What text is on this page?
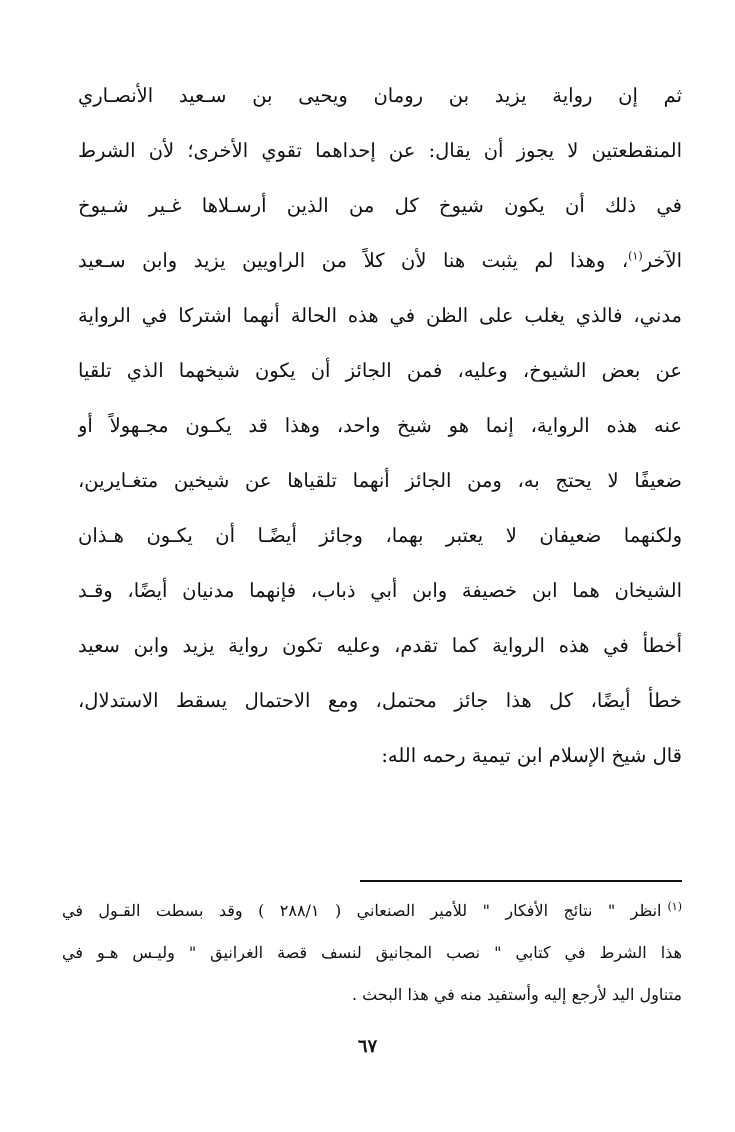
ثم إن رواية يزيد بن رومان ويحيى بن سـعيد الأنصـاري
المنقطعتين لا يجوز أن يقال: عن إحداهما تقوي الأخرى؛ لأن الشرط
في ذلك أن يكون شيوخ كل من الذين أرسـلاها غـير شـيوخ
الآخر$^{(١)}$، وهذا لم يثبت هنا لأن كلاً من الراويين يزيد وابن سـعيد
مدني، فالذي يغلب على الظن في هذه الحالة أنهما اشتركا في الرواية
عن بعض الشيوخ، وعليه، فمن الجائز أن يكون شيخهما الذي تلقيا
عنه هذه الرواية، إنما هو شيخ واحد، وهذا قد يكـون مجـهولاً أو
ضعيفًا لا يحتج به، ومن الجائز أنهما تلقياها عن شيخين متغـايرين،
ولكنهما ضعيفان لا يعتبر بهما، وجائز أيضًـا أن يكـون هـذان
الشيخان هما ابن خصيفة وابن أبي ذباب، فإنهما مدنيان أيضًا، وقـد
أخطأ في هذه الرواية كما تقدم، وعليه تكون رواية يزيد وابن سعيد
خطأ أيضًا، كل هذا جائز محتمل، ومع الاحتمال يسقط الاستدلال،
قال شيخ الإسلام ابن تيمية رحمه الله:
$^{(١)}$انظر " نتائج الأفكار " للأمير الصنعاني ( ٢٨٨/١ ) وقد بسطت القـول في
هذا الشرط في كتابي " نصب المجانيق لنسف قصة الغرانيق " وليـس هـو في
متناول اليد لأرجع إليه وأستفيد منه في هذا البحث .
٦٧
